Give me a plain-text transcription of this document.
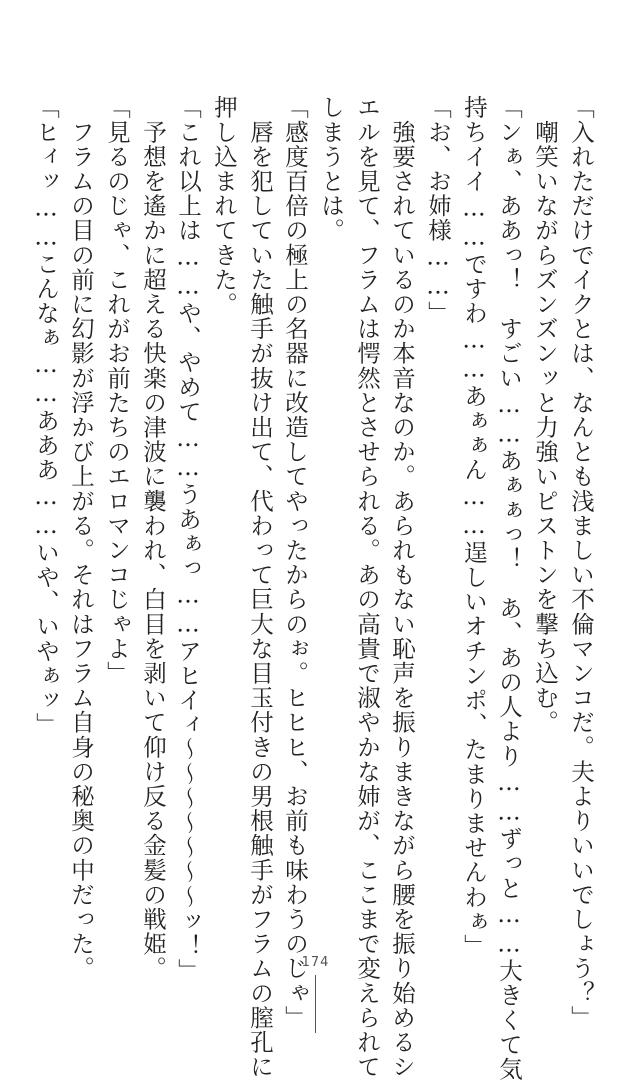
「入れただけでイクとは、なんとも浅ましい不倫マンコだ。夫よりいいでしょう？」
　嘲笑いながらズンズンッと力強いピストンを撃ち込む。
「ンぁ、ああっ！　すごい……あぁぁっ！　あ、あの人より……ずっと……大きくて気
持ちイイ……ですわ……あぁぁん……逞しいオチンポ、たまりませんわぁ」
「お、お姉様……」
　強要されているのか本音なのか。あられもない恥声を振りまきながら腰を振り始めるシ
エルを見て、フラムは愕然とさせられる。あの高貴で淑やかな姉が、ここまで変えられて
しまうとは。
「感度百倍の極上の名器に改造してやったからのぉ。ヒヒヒ、お前も味わうのじゃ」
　唇を犯していた触手が抜け出て、代わって巨大な目玉付きの男根触手がフラムの膣孔に
押し込まれてきた。
「これ以上は……や、やめて……うあぁっ……アヒイィ〜〜〜〜〜〜〜ッ！」
　予想を遙かに超える快楽の津波に襲われ、白目を剥いて仰け反る金髪の戦姫。
「見るのじゃ、これがお前たちのエロマンコじゃよ」
　フラムの目の前に幻影が浮かび上がる。それはフラム自身の秘奥の中だった。
「ヒィッ……こんなぁ……あああ……いや、いやぁッ」
174
